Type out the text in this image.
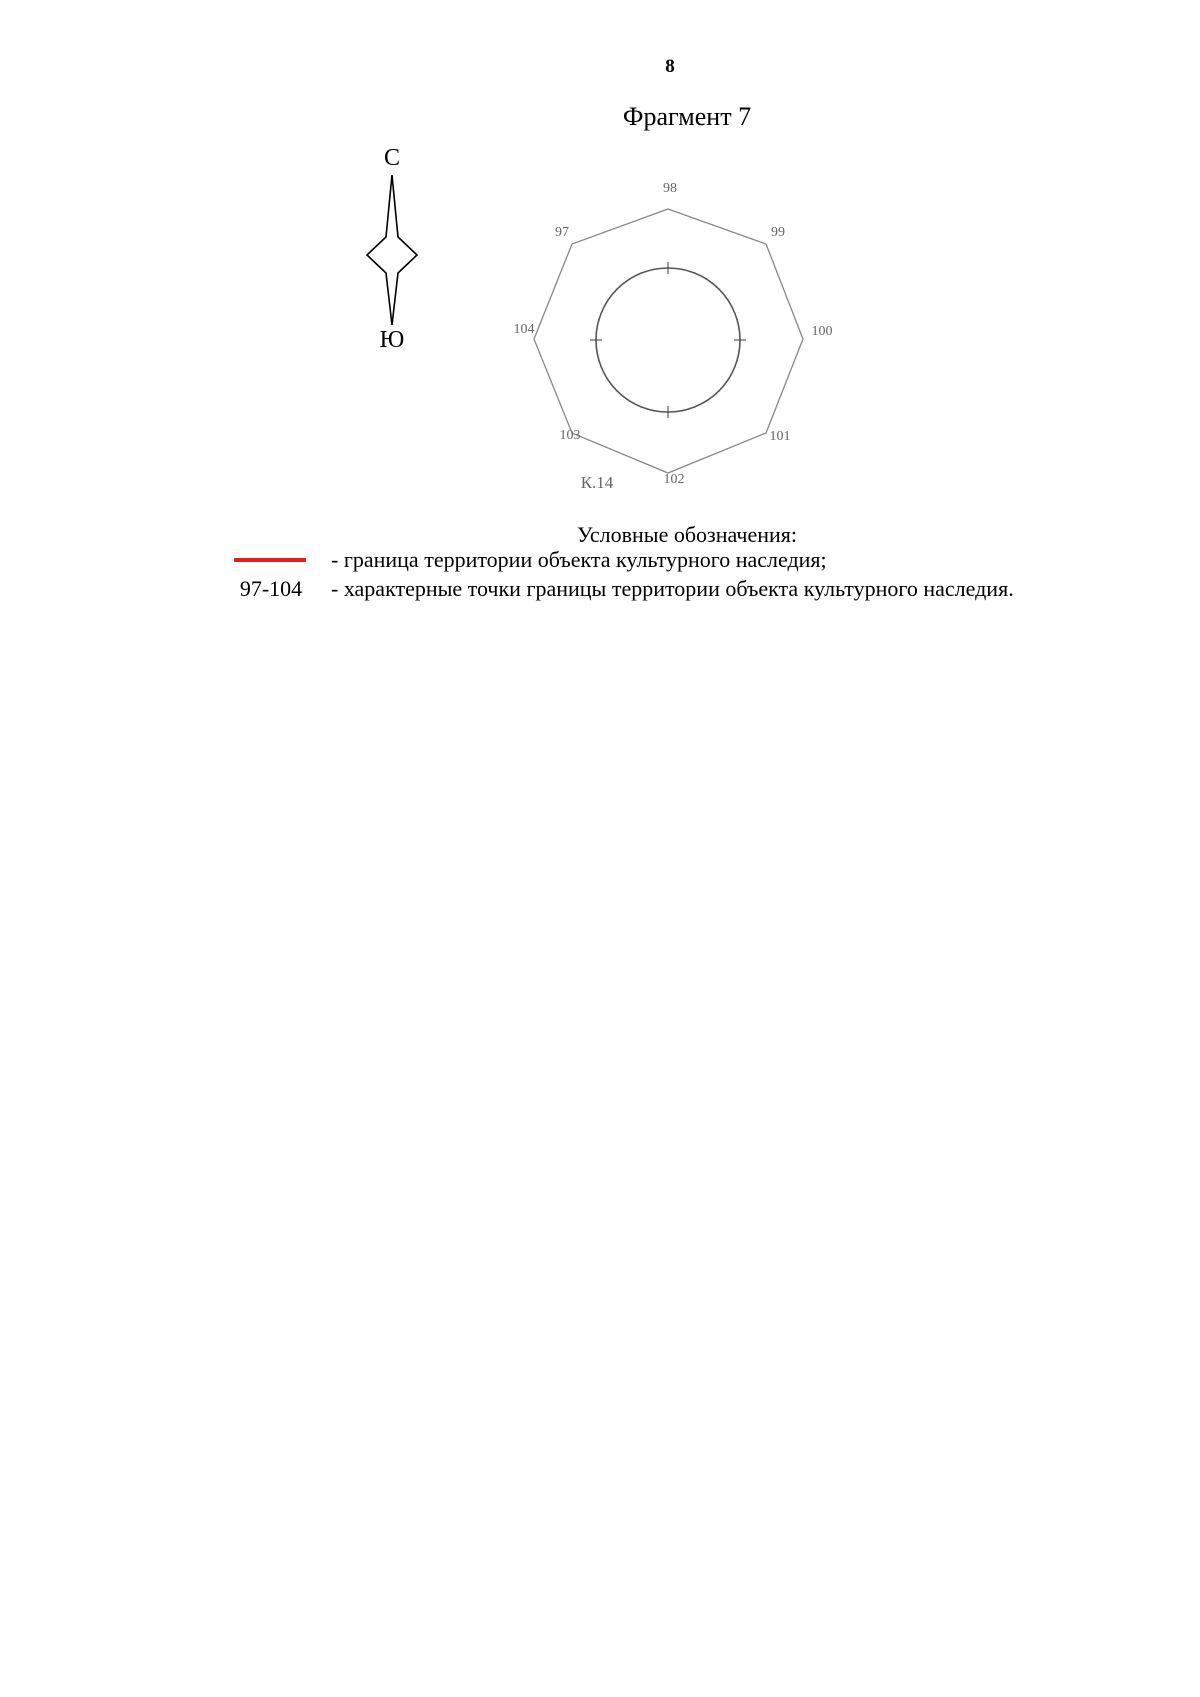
8
Фрагмент 7
С
Ю
97
98
99
100
101
102
103
104
К.14
Условные обозначения:
- граница территории объекта культурного наследия;
97-104	- характерные точки границы территории объекта культурного наследия.
